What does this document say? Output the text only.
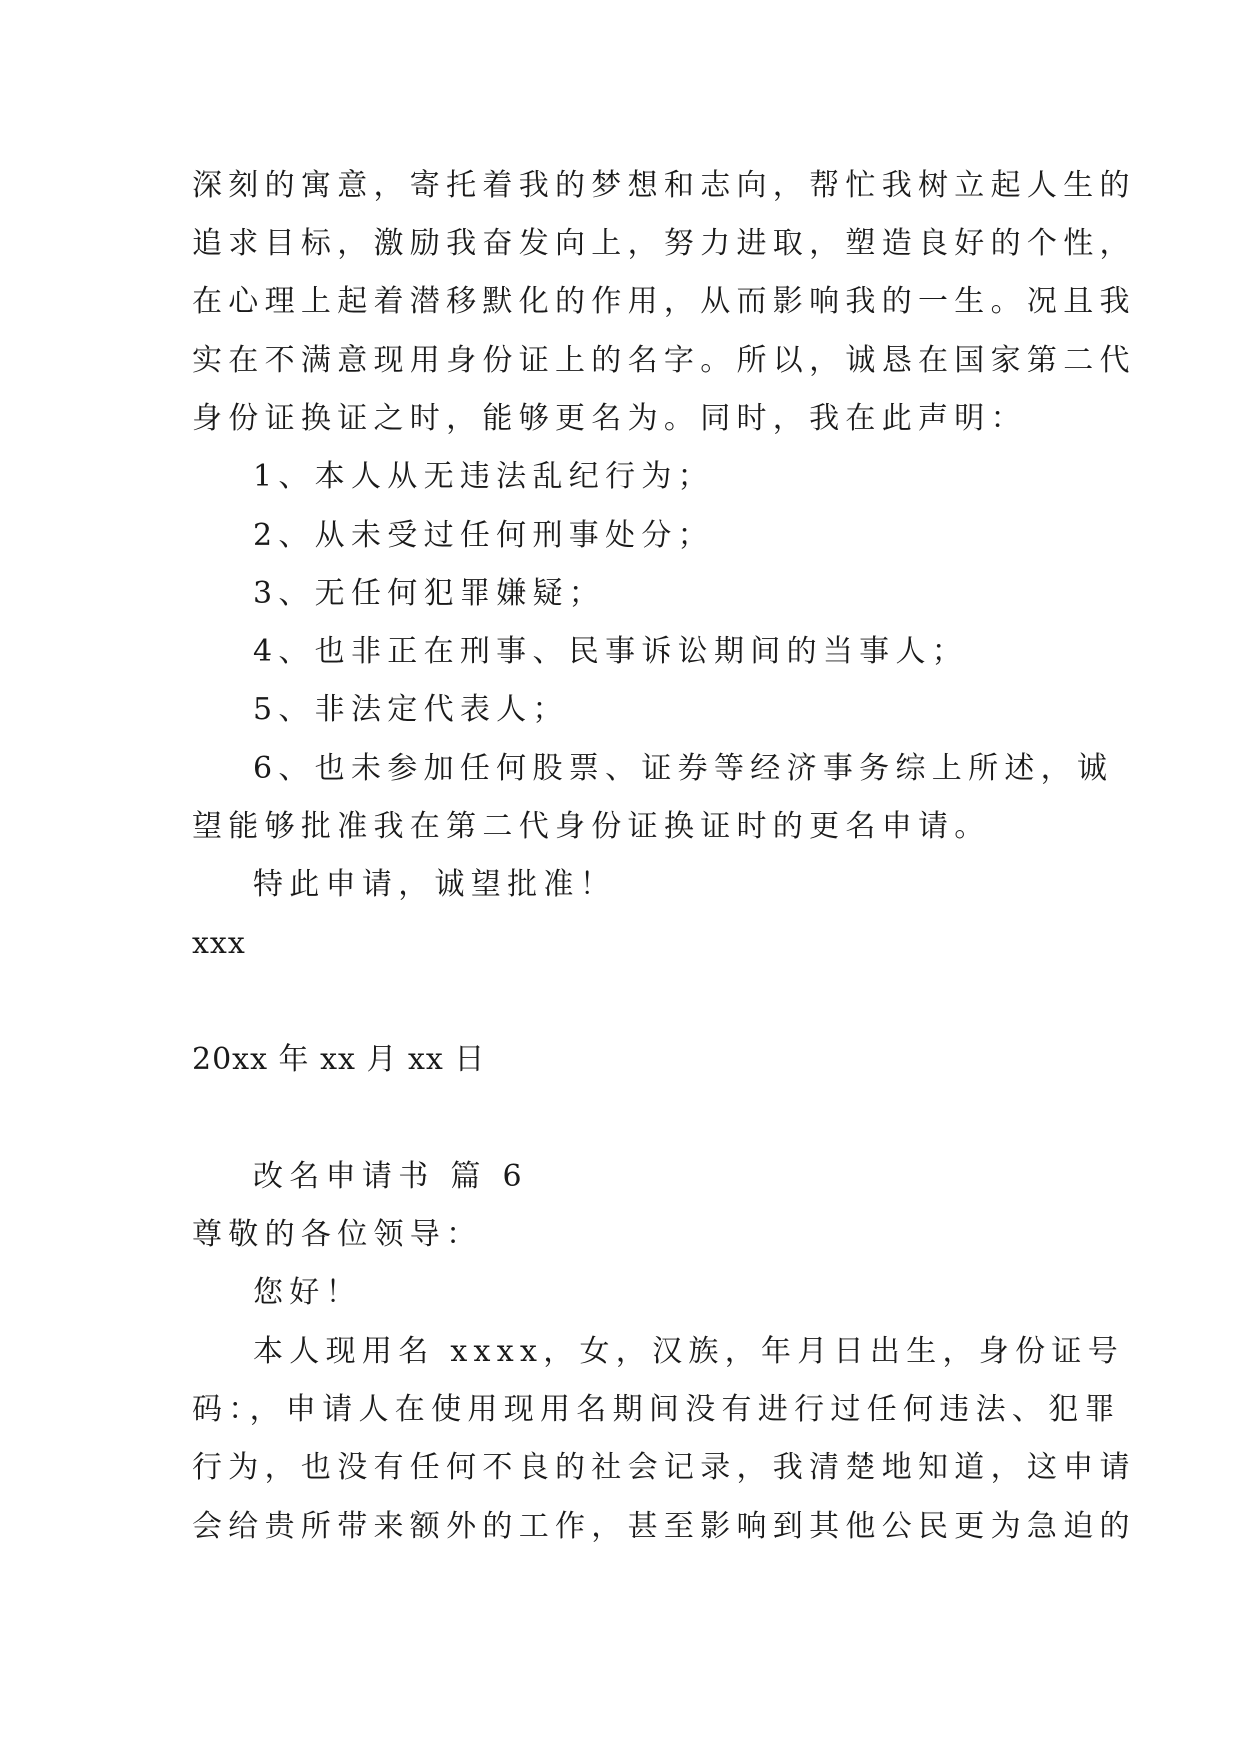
深刻的寓意，寄托着我的梦想和志向，帮忙我树立起人生的
追求目标，激励我奋发向上，努力进取，塑造良好的个性，
在心理上起着潜移默化的作用，从而影响我的一生。况且我
实在不满意现用身份证上的名字。所以，诚恳在国家第二代
身份证换证之时，能够更名为。同时，我在此声明：
1、本人从无违法乱纪行为；
2、从未受过任何刑事处分；
3、无任何犯罪嫌疑；
4、也非正在刑事、民事诉讼期间的当事人；
5、非法定代表人；
6、也未参加任何股票、证券等经济事务综上所述，诚
望能够批准我在第二代身份证换证时的更名申请。
特此申请，诚望批准！
xxx
20xx 年 xx 月 xx 日
改名申请书 篇 6
尊敬的各位领导：
您好！
本人现用名 xxxx，女，汉族，年月日出生，身份证号
码：，申请人在使用现用名期间没有进行过任何违法、犯罪
行为，也没有任何不良的社会记录，我清楚地知道，这申请
会给贵所带来额外的工作，甚至影响到其他公民更为急迫的
